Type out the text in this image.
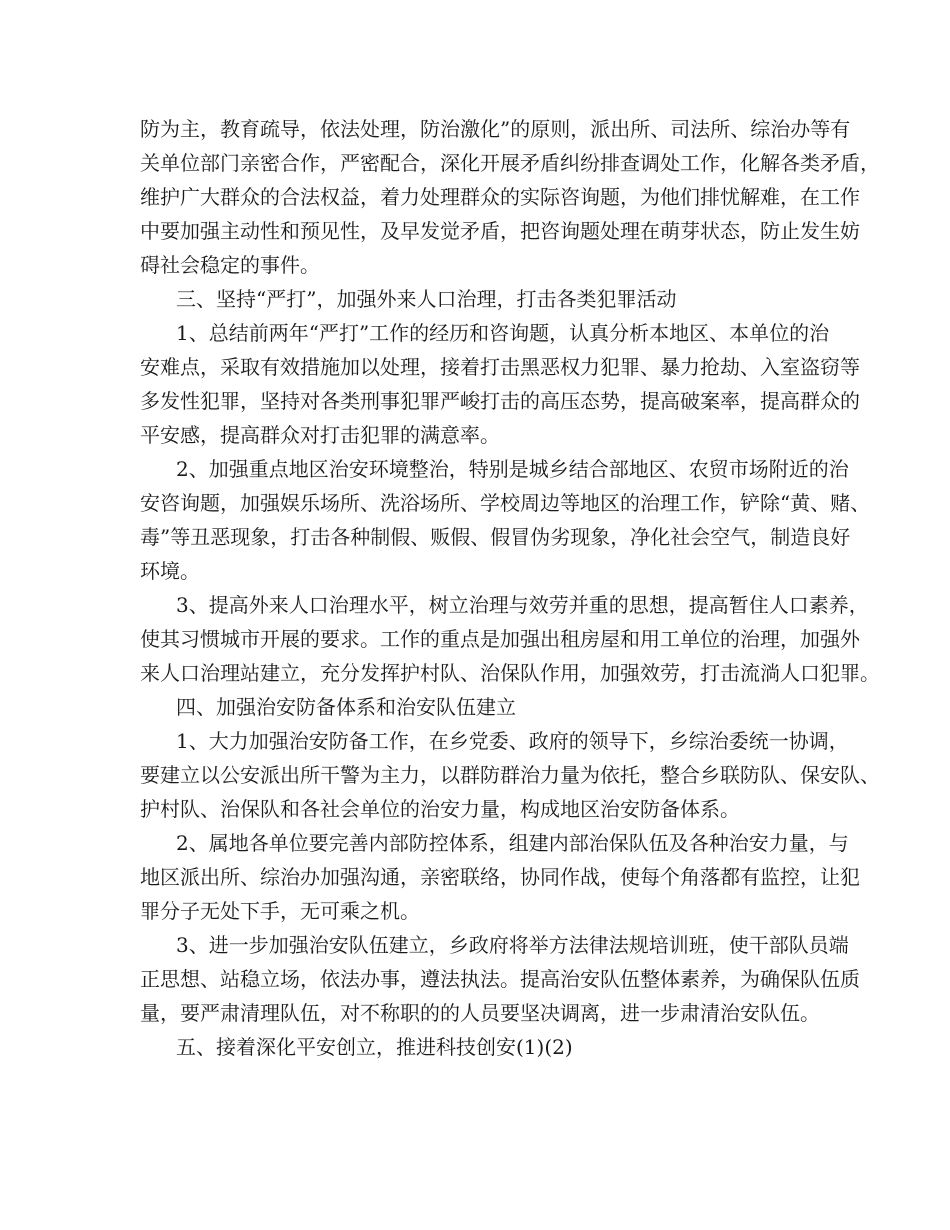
防为主，教育疏导，依法处理，防治激化”的原则，派出所、司法所、综治办等有

关单位部门亲密合作，严密配合，深化开展矛盾纠纷排查调处工作，化解各类矛盾，

维护广大群众的合法权益，着力处理群众的实际咨询题，为他们排忧解难，在工作

中要加强主动性和预见性，及早发觉矛盾，把咨询题处理在萌芽状态，防止发生妨

碍社会稳定的事件。

三、坚持“严打”，加强外来人口治理，打击各类犯罪活动

1、总结前两年“严打”工作的经历和咨询题，认真分析本地区、本单位的治

安难点，采取有效措施加以处理，接着打击黑恶权力犯罪、暴力抢劫、入室盗窃等

多发性犯罪，坚持对各类刑事犯罪严峻打击的高压态势，提高破案率，提高群众的

平安感，提高群众对打击犯罪的满意率。

2、加强重点地区治安环境整治，特别是城乡结合部地区、农贸市场附近的治

安咨询题，加强娱乐场所、洗浴场所、学校周边等地区的治理工作，铲除“黄、赌、

毒”等丑恶现象，打击各种制假、贩假、假冒伪劣现象，净化社会空气，制造良好

环境。

3、提高外来人口治理水平，树立治理与效劳并重的思想，提高暂住人口素养，

使其习惯城市开展的要求。工作的重点是加强出租房屋和用工单位的治理，加强外

来人口治理站建立，充分发挥护村队、治保队作用，加强效劳，打击流淌人口犯罪。

四、加强治安防备体系和治安队伍建立

1、大力加强治安防备工作，在乡党委、政府的领导下，乡综治委统一协调，

要建立以公安派出所干警为主力，以群防群治力量为依托，整合乡联防队、保安队、

护村队、治保队和各社会单位的治安力量，构成地区治安防备体系。

2、属地各单位要完善内部防控体系，组建内部治保队伍及各种治安力量，与

地区派出所、综治办加强沟通，亲密联络，协同作战，使每个角落都有监控，让犯

罪分子无处下手，无可乘之机。

3、进一步加强治安队伍建立，乡政府将举方法律法规培训班，使干部队员端

正思想、站稳立场，依法办事，遵法执法。提高治安队伍整体素养，为确保队伍质

量，要严肃清理队伍，对不称职的的人员要坚决调离，进一步肃清治安队伍。

五、接着深化平安创立，推进科技创安(1)(2)
